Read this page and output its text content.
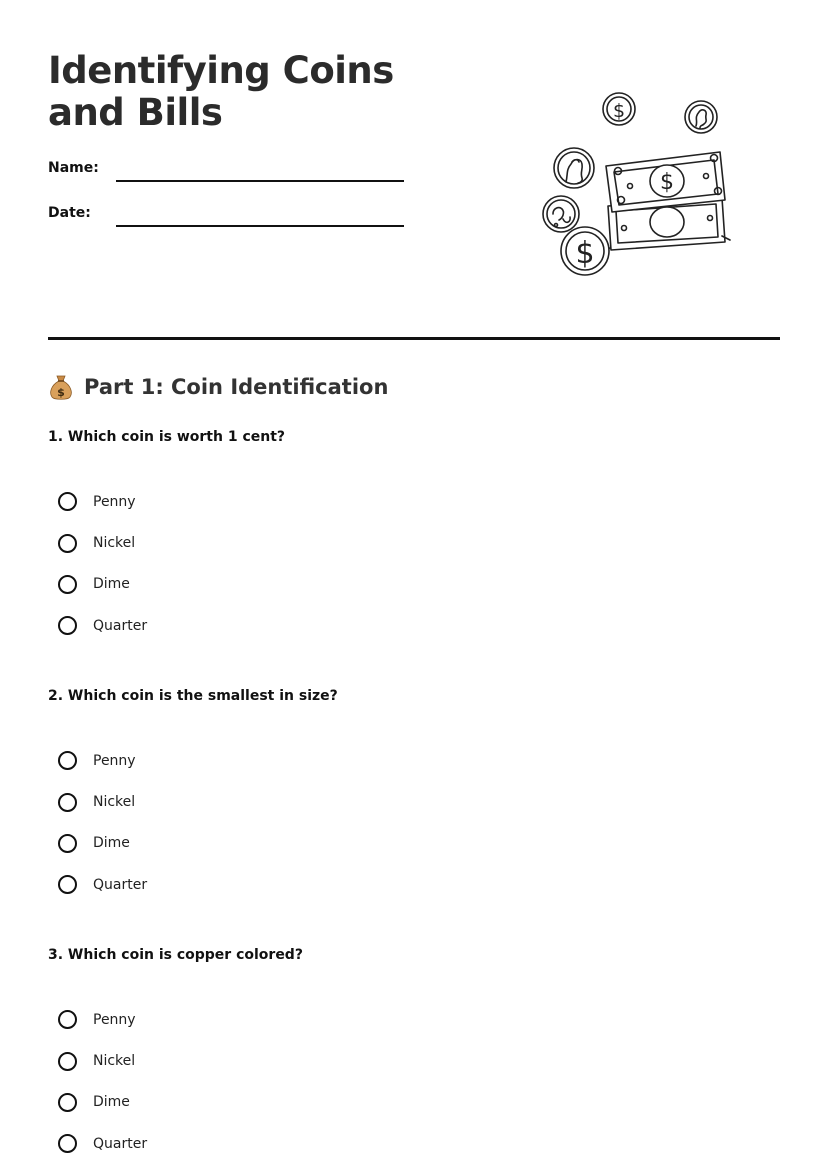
Identifying Coins and Bills
Name:
Date:
$
$
$
$ Part 1: Coin Identification

1. Which coin is worth 1 cent?

Penny
Nickel
Dime
Quarter

2. Which coin is the smallest in size?

Penny
Nickel
Dime
Quarter

3. Which coin is copper colored?

Penny
Nickel
Dime
Quarter
